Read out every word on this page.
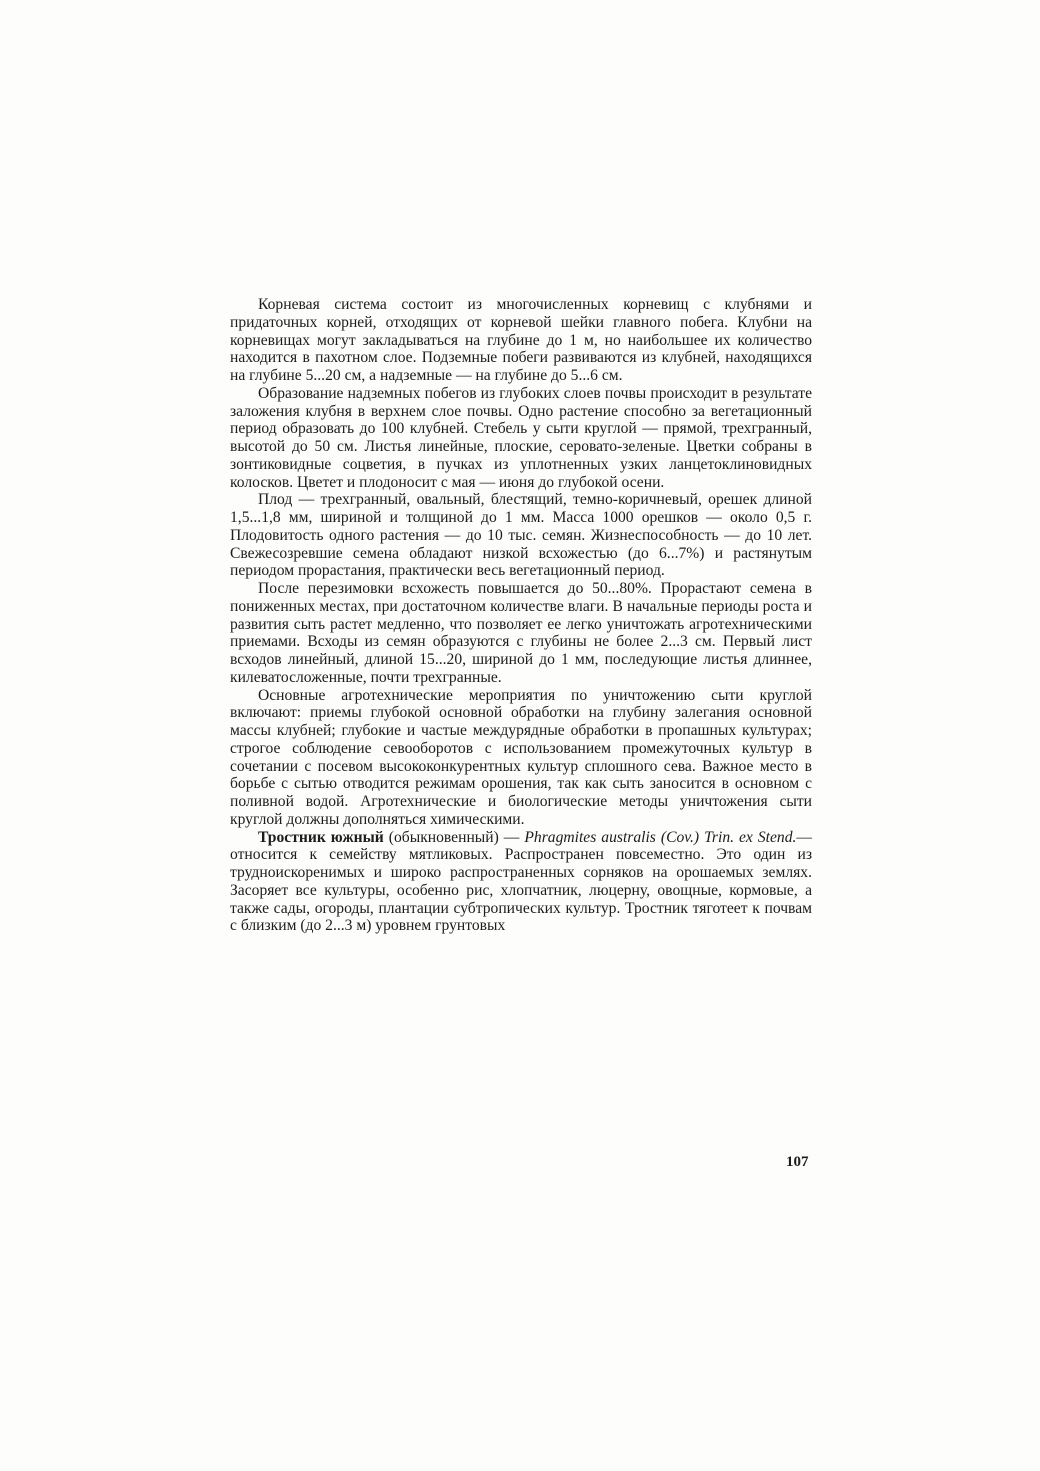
Корневая система состоит из многочисленных корневищ с клубнями и придаточных корней, отходящих от корневой шейки главного побега. Клубни на корневищах могут закладываться на глубине до 1 м, но наибольшее их количество находится в пахотном слое. Подземные побеги развиваются из клубней, находящихся на глубине 5...20 см, а надземные — на глубине до 5...6 см.

Образование надземных побегов из глубоких слоев почвы происходит в результате заложения клубня в верхнем слое почвы. Одно растение способно за вегетационный период образовать до 100 клубней. Стебель у сыти круглой — прямой, трехгранный, высотой до 50 см. Листья линейные, плоские, серовато-зеленые. Цветки собраны в зонтиковидные соцветия, в пучках из уплотненных узких ланцетоклиновидных колосков. Цветет и плодоносит с мая — июня до глубокой осени.

Плод — трехгранный, овальный, блестящий, темно-коричневый, орешек длиной 1,5...1,8 мм, шириной и толщиной до 1 мм. Масса 1000 орешков — около 0,5 г. Плодовитость одного растения — до 10 тыс. семян. Жизнеспособность — до 10 лет. Свежесозревшие семена обладают низкой всхожестью (до 6...7%) и растянутым периодом прорастания, практически весь вегетационный период.

После перезимовки всхожесть повышается до 50...80%. Прорастают семена в пониженных местах, при достаточном количестве влаги. В начальные периоды роста и развития сыть растет медленно, что позволяет ее легко уничтожать агротехническими приемами. Всходы из семян образуются с глубины не более 2...3 см. Первый лист всходов линейный, длиной 15...20, шириной до 1 мм, последующие листья длиннее, килеватосложенные, почти трехгранные.

Основные агротехнические мероприятия по уничтожению сыти круглой включают: приемы глубокой основной обработки на глубину залегания основной массы клубней; глубокие и частые междурядные обработки в пропашных культурах; строгое соблюдение севооборотов с использованием промежуточных культур в сочетании с посевом высококонкурентных культур сплошного сева. Важное место в борьбе с сытью отводится режимам орошения, так как сыть заносится в основном с поливной водой. Агротехнические и биологические методы уничтожения сыти круглой должны дополняться химическими.

Тростник южный (обыкновенный) — Phragmites australis (Cov.) Trin. ex Stend.— относится к семейству мятликовых. Распространен повсеместно. Это один из трудноискоренимых и широко распространенных сорняков на орошаемых землях. Засоряет все культуры, особенно рис, хлопчатник, люцерну, овощные, кормовые, а также сады, огороды, плантации субтропических культур. Тростник тяготеет к почвам с близким (до 2...3 м) уровнем грунтовых

107
